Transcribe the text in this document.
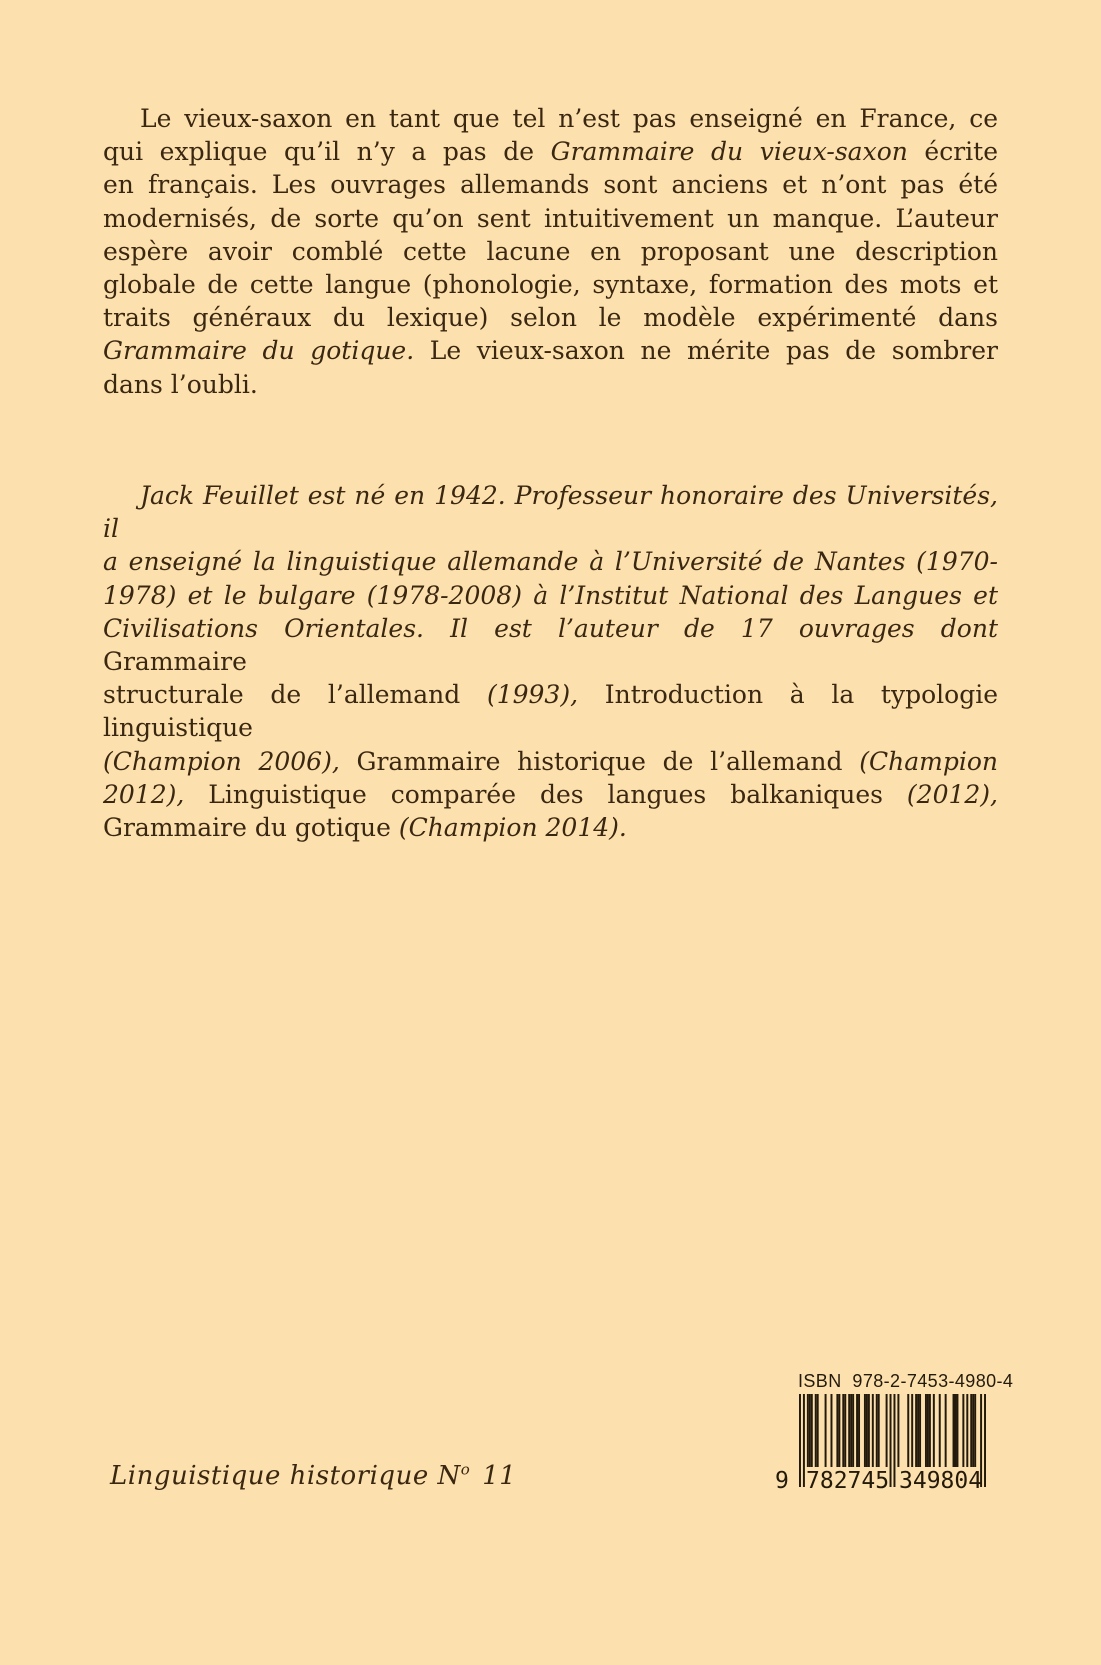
Le vieux-saxon en tant que tel n’est pas enseigné en France, ce
qui explique qu’il n’y a pas de Grammaire du vieux-saxon écrite
en français. Les ouvrages allemands sont anciens et n’ont pas été
modernisés, de sorte qu’on sent intuitivement un manque. L’auteur
espère avoir comblé cette lacune en proposant une description
globale de cette langue (phonologie, syntaxe, formation des mots et
traits généraux du lexique) selon le modèle expérimenté dans
Grammaire du gotique. Le vieux-saxon ne mérite pas de sombrer
dans l’oubli.
Jack Feuillet est né en 1942. Professeur honoraire des Universités, il
a enseigné la linguistique allemande à l’Université de Nantes (1970-
1978) et le bulgare (1978-2008) à l’Institut National des Langues et
Civilisations Orientales. Il est l’auteur de 17 ouvrages dont Grammaire
structurale de l’allemand (1993), Introduction à la typologie linguistique
(Champion 2006), Grammaire historique de l’allemand (Champion
2012), Linguistique comparée des langues balkaniques (2012),
Grammaire du gotique (Champion 2014).
Linguistique historique $N^o$ 11
ISBN  978-2-7453-4980-4
9 782745 349804
